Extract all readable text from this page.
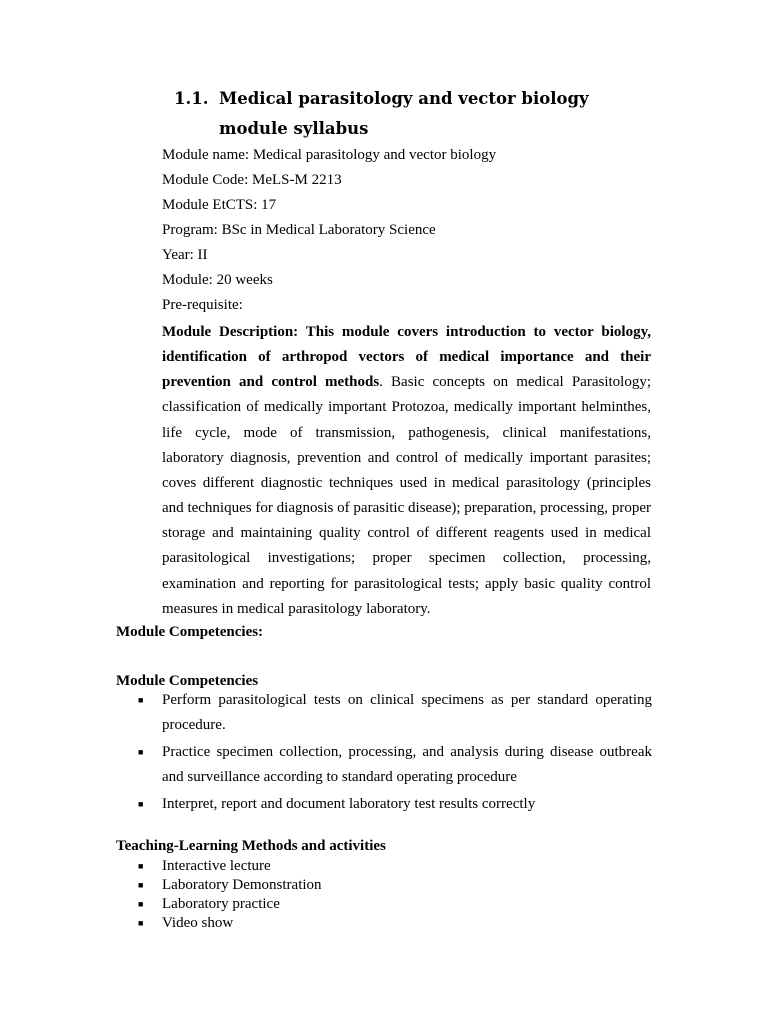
1.1. Medical parasitology and vector biology module syllabus
Module name: Medical parasitology and vector biology
Module Code: MeLS-M 2213
Module EtCTS: 17
Program: BSc in Medical Laboratory Science
Year: II
Module: 20 weeks
Pre-requisite:
Module Description: This module covers introduction to vector biology, identification of arthropod vectors of medical importance and their prevention and control methods. Basic concepts on medical Parasitology; classification of medically important Protozoa, medically important helminthes, life cycle, mode of transmission, pathogenesis, clinical manifestations, laboratory diagnosis, prevention and control of medically important parasites; coves different diagnostic techniques used in medical parasitology (principles and techniques for diagnosis of parasitic disease); preparation, processing, proper storage and maintaining quality control of different reagents used in medical parasitological investigations; proper specimen collection, processing, examination and reporting for parasitological tests; apply basic quality control measures in medical parasitology laboratory.
Module Competencies:
Module Competencies
■ Perform parasitological tests on clinical specimens as per standard operating procedure.
■ Practice specimen collection, processing, and analysis during disease outbreak and surveillance according to standard operating procedure
■ Interpret, report and document laboratory test results correctly
Teaching-Learning Methods and activities
■ Interactive lecture
■ Laboratory Demonstration
■ Laboratory practice
■ Video show
